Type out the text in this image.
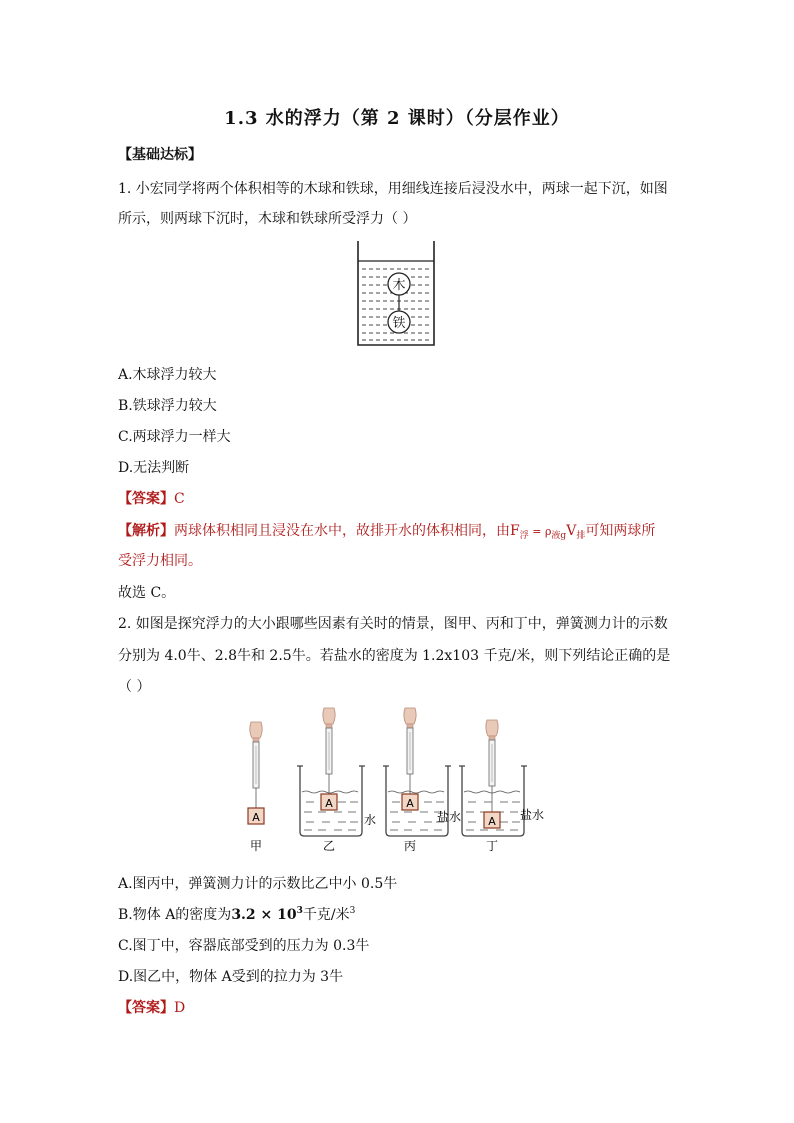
1.3 水的浮力（第 2 课时）（分层作业）
【基础达标】
1. 小宏同学将两个体积相等的木球和铁球，用细线连接后浸没水中，两球一起下沉，如图
所示，则两球下沉时，木球和铁球所受浮力（ ）
木
铁
A.木球浮力较大
B.铁球浮力较大
C.两球浮力一样大
D.无法判断
【答案】C
【解析】两球体积相同且浸没在水中，故排开水的体积相同，由$F_浮 = \rho_{液g}V_排$可知两球所
受浮力相同。
故选 C。
2. 如图是探究浮力的大小跟哪些因素有关时的情景，图甲、丙和丁中，弹簧测力计的示数
分别为 4.0牛、2.8牛和 2.5牛。若盐水的密度为 1.2x103 千克/米，则下列结论正确的是
（ ）
A
甲
A
水
乙
A
盐水
丙
A 盐水
丁
A.图丙中，弹簧测力计的示数比乙中小 0.5牛
B.物体 A的密度为$3.2 \times 10^3$千克/米$^3$
C.图丁中，容器底部受到的压力为 0.3牛
D.图乙中，物体 A受到的拉力为 3牛
【答案】D
